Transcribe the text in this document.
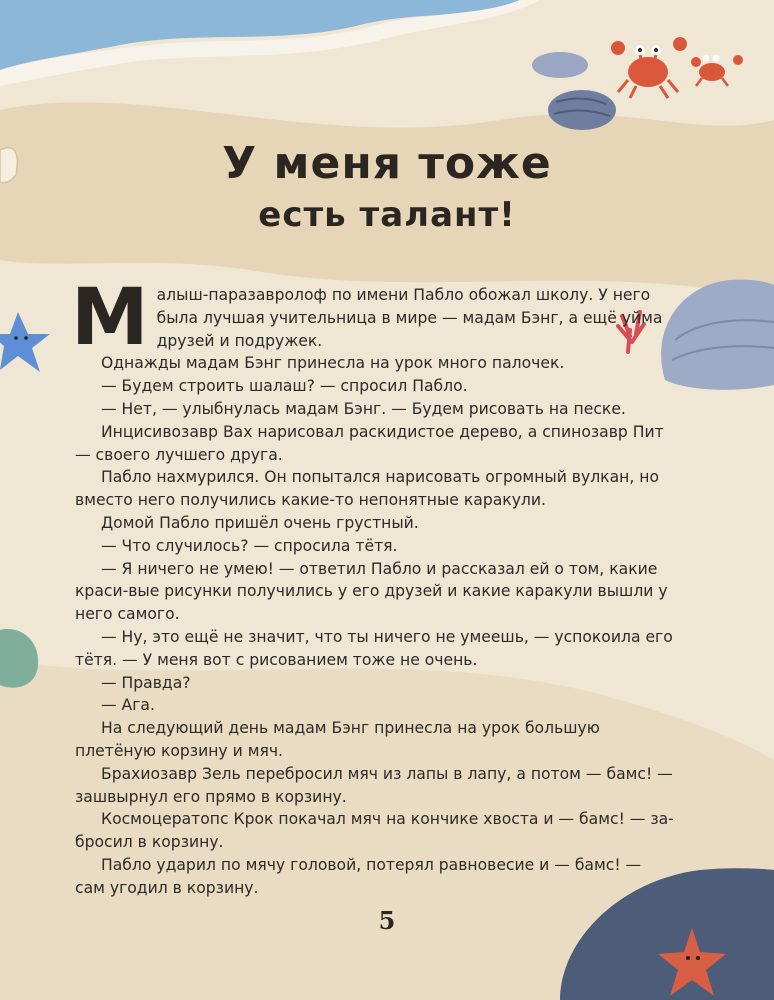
У меня тоже
есть талант!

Малыш-паразавролоф по имени Пабло обожал школу. У него была лучшая учительница в мире — мадам Бэнг, а ещё уйма друзей и подружек.

Однажды мадам Бэнг принесла на урок много палочек.

— Будем строить шалаш? — спросил Пабло.

— Нет, — улыбнулась мадам Бэнг. — Будем рисовать на песке.

Инцисивозавр Вах нарисовал раскидистое дерево, а спинозавр Пит — своего лучшего друга.

Пабло нахмурился. Он попытался нарисовать огромный вулкан, но вместо него получились какие-то непонятные каракули.

Домой Пабло пришёл очень грустный.

— Что случилось? — спросила тётя.

— Я ничего не умею! — ответил Пабло и рассказал ей о том, какие краси-вые рисунки получились у его друзей и какие каракули вышли у него самого.

— Ну, это ещё не значит, что ты ничего не умеешь, — успокоила его тётя. — У меня вот с рисованием тоже не очень.

— Правда?

— Ага.

На следующий день мадам Бэнг принесла на урок большую плетёную корзину и мяч.

Брахиозавр Зель перебросил мяч из лапы в лапу, а потом — бамс! — зашвырнул его прямо в корзину.

Космоцератопс Крок покачал мяч на кончике хвоста и — бамс! — за-бросил в корзину.

Пабло ударил по мячу головой, потерял равновесие и — бамс! — сам угодил в корзину.

5
